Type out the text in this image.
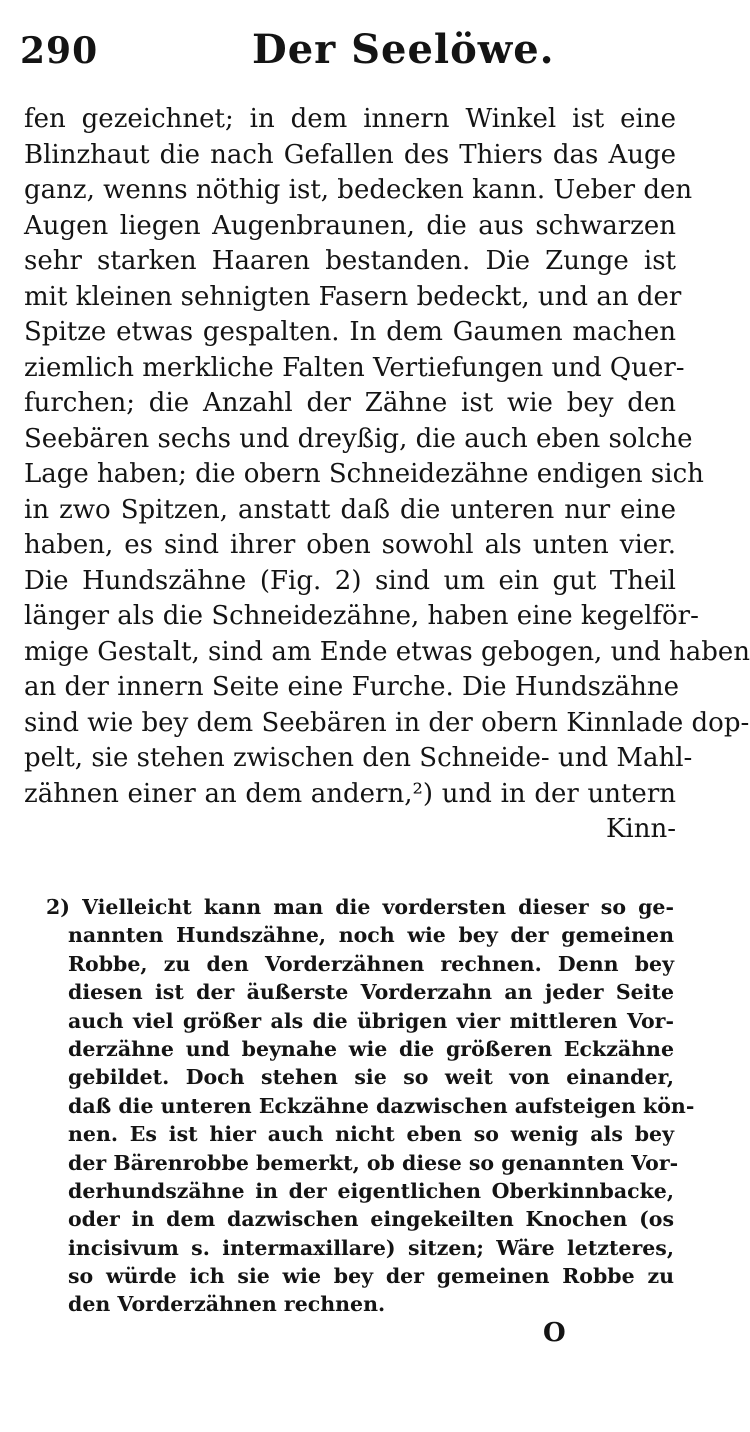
290	Der Seelöwe.
fen gezeichnet; in dem innern Winkel ist eine
Blinzhaut die nach Gefallen des Thiers das Auge
ganz, wenns nöthig ist, bedecken kann. Ueber den
Augen liegen Augenbraunen, die aus schwarzen
sehr starken Haaren bestanden. Die Zunge ist
mit kleinen sehnigten Fasern bedeckt, und an der
Spitze etwas gespalten. In dem Gaumen machen
ziemlich merkliche Falten Vertiefungen und Quer-
furchen; die Anzahl der Zähne ist wie bey den
Seebären sechs und dreyßig, die auch eben solche
Lage haben; die obern Schneidezähne endigen sich
in zwo Spitzen, anstatt daß die unteren nur eine
haben, es sind ihrer oben sowohl als unten vier.
Die Hundszähne (Fig. 2) sind um ein gut Theil
länger als die Schneidezähne, haben eine kegelför-
mige Gestalt, sind am Ende etwas gebogen, und haben
an der innern Seite eine Furche. Die Hundszähne
sind wie bey dem Seebären in der obern Kinnlade dop-
pelt, sie stehen zwischen den Schneide- und Mahl-
zähnen einer an dem andern,²) und in der untern
Kinn-
2) Vielleicht kann man die vordersten dieser so ge-
nannten Hundszähne, noch wie bey der gemeinen
Robbe, zu den Vorderzähnen rechnen. Denn bey
diesen ist der äußerste Vorderzahn an jeder Seite
auch viel größer als die übrigen vier mittleren Vor-
derzähne und beynahe wie die größeren Eckzähne
gebildet. Doch stehen sie so weit von einander,
daß die unteren Eckzähne dazwischen aufsteigen kön-
nen. Es ist hier auch nicht eben so wenig als bey
der Bärenrobbe bemerkt, ob diese so genannten Vor-
derhundszähne in der eigentlichen Oberkinnbacke,
oder in dem dazwischen eingekeilten Knochen (os
incisivum s. intermaxillare) sitzen; Wäre letzteres,
so würde ich sie wie bey der gemeinen Robbe zu
den Vorderzähnen rechnen.
O
